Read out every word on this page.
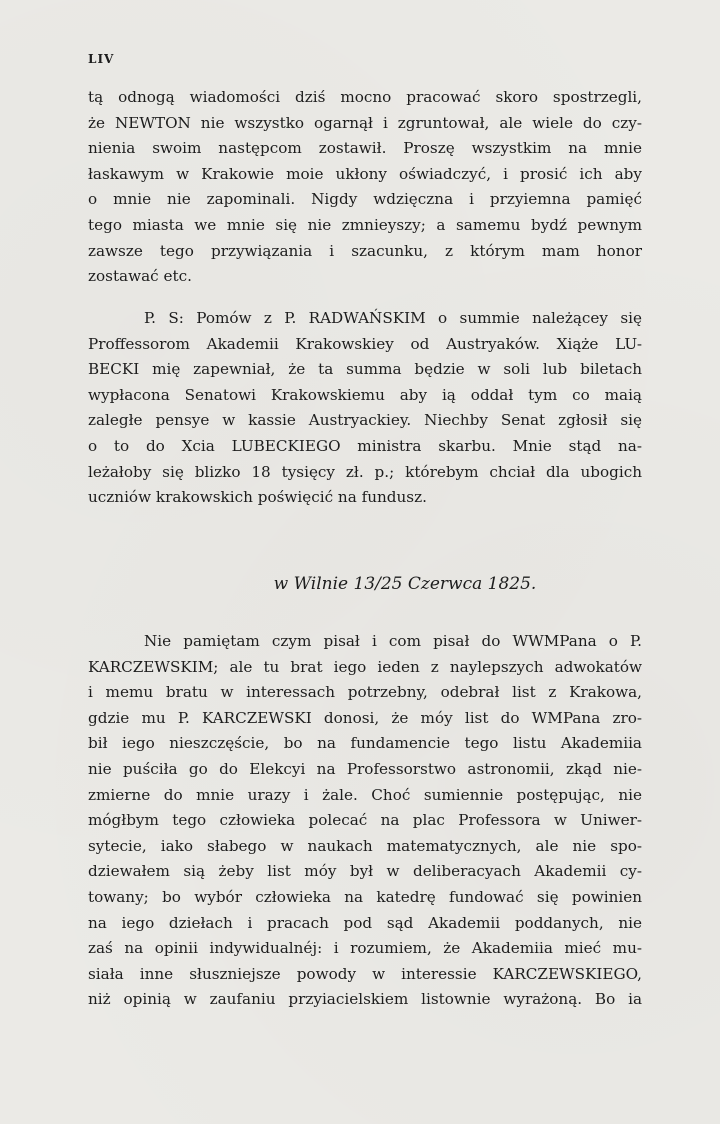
LIV
tą odnogą wiadomości dziś mocno pracować skoro spostrzegli,
że NEWTON nie wszystko ogarnął i zgruntował, ale wiele do czy-
nienia swoim następcom zostawił. Proszę wszystkim na mnie
łaskawym w Krakowie moie ukłony oświadczyć, i prosić ich aby
o mnie nie zapominali. Nigdy wdzięczna i przyiemna pamięć
tego miasta we mnie się nie zmnieyszy; a samemu bydź pewnym
zawsze tego przywiązania i szacunku, z którym mam honor
zostawać etc.
P. S: Pomów z P. RADWAŃSKIM o summie należącey się
Proffessorom Akademii Krakowskiey od Austryaków. Xiąże LU-
BECKI mię zapewniał, że ta summa będzie w soli lub biletach
wypłacona Senatowi Krakowskiemu aby ią oddał tym co maią
zaległe pensye w kassie Austryackiey. Niechby Senat zgłosił się
o to do Xcia LUBECKIEGO ministra skarbu. Mnie stąd na-
leżałoby się blizko 18 tysięcy zł. p.; którebym chciał dla ubogich
uczniów krakowskich poświęcić na fundusz.
w Wilnie 13/25 Czerwca 1825.
Nie pamiętam czym pisał i com pisał do WWMPana o P.
KARCZEWSKIM; ale tu brat iego ieden z naylepszych adwokatów
i memu bratu w interessach potrzebny, odebrał list z Krakowa,
gdzie mu P. KARCZEWSKI donosi, że móy list do WMPana zro-
bił iego nieszczęście, bo na fundamencie tego listu Akademiia
nie puściła go do Elekcyi na Professorstwo astronomii, zkąd nie-
zmierne do mnie urazy i żale. Choć sumiennie postępując, nie
mógłbym tego człowieka polecać na plac Professora w Uniwer-
sytecie, iako słabego w naukach matematycznych, ale nie spo-
dziewałem sią żeby list móy był w deliberacyach Akademii cy-
towany; bo wybór człowieka na katedrę fundować się powinien
na iego dziełach i pracach pod sąd Akademii poddanych, nie
zaś na opinii indywidualnéj: i rozumiem, że Akademiia mieć mu-
siała inne słuszniejsze powody w interessie KARCZEWSKIEGO,
niż opinią w zaufaniu przyiacielskiem listownie wyrażoną. Bo ia
